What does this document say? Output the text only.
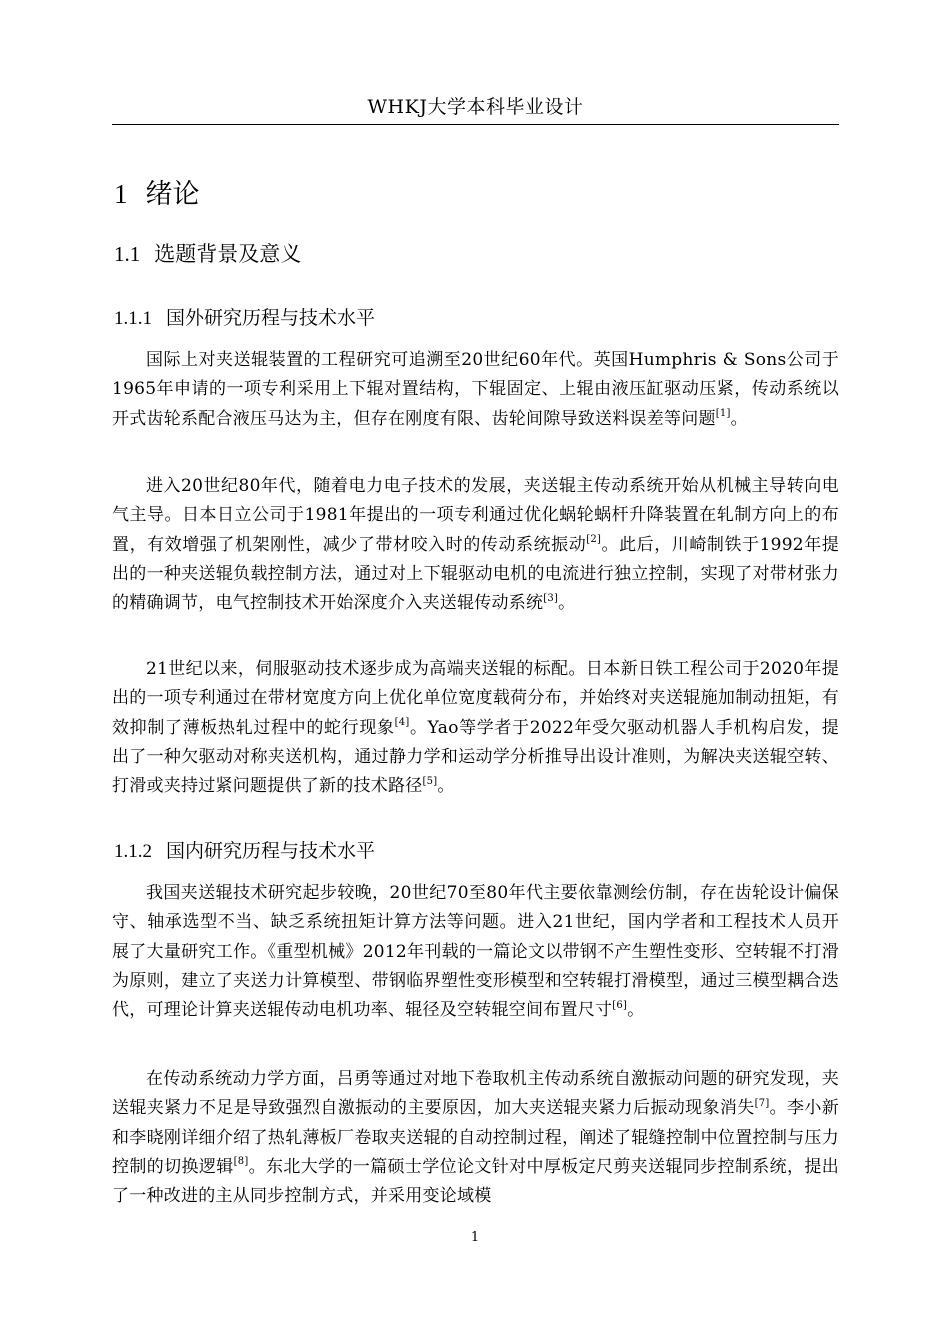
WHKJ大学本科毕业设计
1 绪论
1.1 选题背景及意义
1.1.1 国外研究历程与技术水平
国际上对夹送辊装置的工程研究可追溯至20世纪60年代。英国Humphris & Sons公司于1965年申请的一项专利采用上下辊对置结构，下辊固定、上辊由液压缸驱动压紧，传动系统以开式齿轮系配合液压马达为主，但存在刚度有限、齿轮间隙导致送料误差等问题[1]。
进入20世纪80年代，随着电力电子技术的发展，夹送辊主传动系统开始从机械主导转向电气主导。日本日立公司于1981年提出的一项专利通过优化蜗轮蜗杆升降装置在轧制方向上的布置，有效增强了机架刚性，减少了带材咬入时的传动系统振动[2]。此后，川崎制铁于1992年提出的一种夹送辊负载控制方法，通过对上下辊驱动电机的电流进行独立控制，实现了对带材张力的精确调节，电气控制技术开始深度介入夹送辊传动系统[3]。
21世纪以来，伺服驱动技术逐步成为高端夹送辊的标配。日本新日铁工程公司于2020年提出的一项专利通过在带材宽度方向上优化单位宽度载荷分布，并始终对夹送辊施加制动扭矩，有效抑制了薄板热轧过程中的蛇行现象[4]。Yao等学者于2022年受欠驱动机器人手机构启发，提出了一种欠驱动对称夹送机构，通过静力学和运动学分析推导出设计准则，为解决夹送辊空转、打滑或夹持过紧问题提供了新的技术路径[5]。
1.1.2 国内研究历程与技术水平
我国夹送辊技术研究起步较晚，20世纪70至80年代主要依靠测绘仿制，存在齿轮设计偏保守、轴承选型不当、缺乏系统扭矩计算方法等问题。进入21世纪，国内学者和工程技术人员开展了大量研究工作。《重型机械》2012年刊载的一篇论文以带钢不产生塑性变形、空转辊不打滑为原则，建立了夹送力计算模型、带钢临界塑性变形模型和空转辊打滑模型，通过三模型耦合迭代，可理论计算夹送辊传动电机功率、辊径及空转辊空间布置尺寸[6]。
在传动系统动力学方面，吕勇等通过对地下卷取机主传动系统自激振动问题的研究发现，夹送辊夹紧力不足是导致强烈自激振动的主要原因，加大夹送辊夹紧力后振动现象消失[7]。李小新和李晓刚详细介绍了热轧薄板厂卷取夹送辊的自动控制过程，阐述了辊缝控制中位置控制与压力控制的切换逻辑[8]。东北大学的一篇硕士学位论文针对中厚板定尺剪夹送辊同步控制系统，提出了一种改进的主从同步控制方式，并采用变论域模
1
